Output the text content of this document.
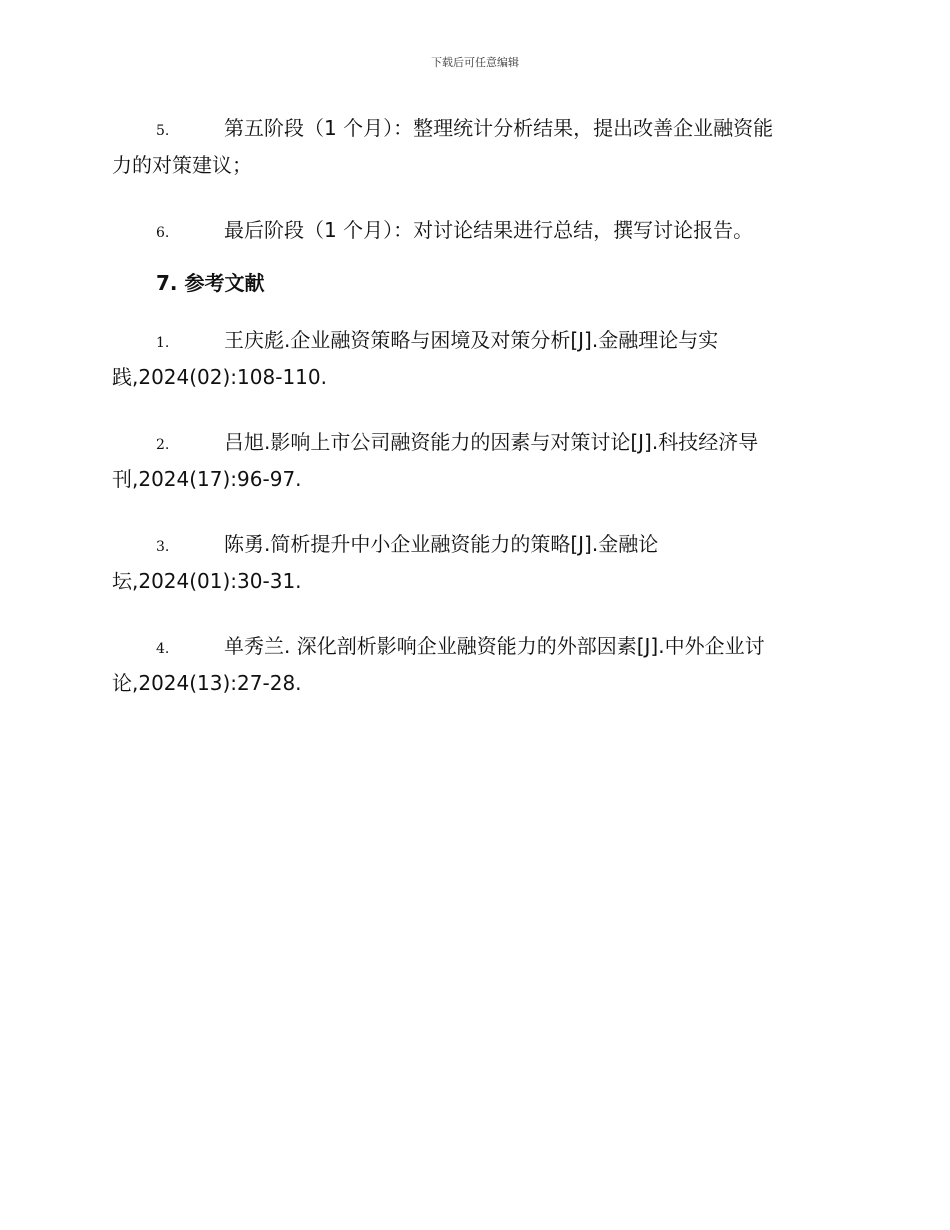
下载后可任意编辑
5.	第五阶段（1 个月）：整理统计分析结果，提出改善企业融资能
力的对策建议；
6.	最后阶段（1 个月）：对讨论结果进行总结，撰写讨论报告。
7. 参考文献
1.	王庆彪.企业融资策略与困境及对策分析[J].金融理论与实
践,2024(02):108-110.
2.	吕旭.影响上市公司融资能力的因素与对策讨论[J].科技经济导
刊,2024(17):96-97.
3.	陈勇.简析提升中小企业融资能力的策略[J].金融论
坛,2024(01):30-31.
4.	单秀兰. 深化剖析影响企业融资能力的外部因素[J].中外企业讨
论,2024(13):27-28.
